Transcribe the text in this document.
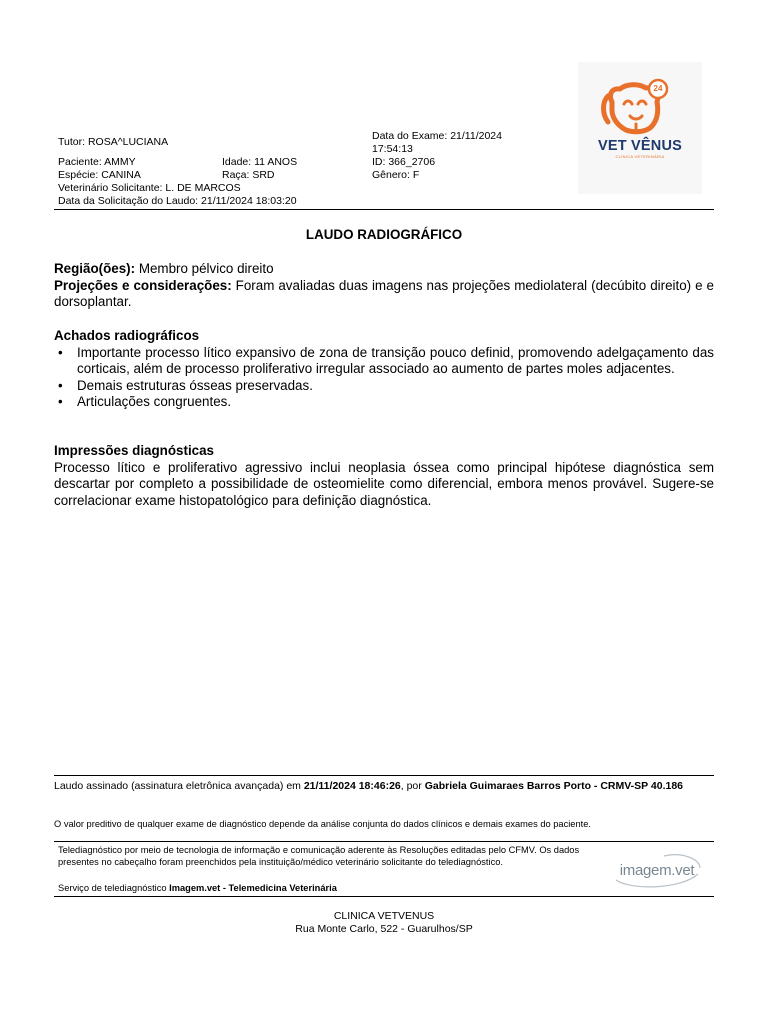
Tutor: ROSA^LUCIANA
Paciente: AMMY	Idade: 11 ANOS
Espécie: CANINA	Raça: SRD
Veterinário Solicitante: L. DE MARCOS
Data da Solicitação do Laudo: 21/11/2024 18:03:20
Data do Exame: 21/11/2024
17:54:13
ID: 366_2706
Gênero: F
24
VET VÊNUS
CLÍNICA VETERINÁRIA
LAUDO RADIOGRÁFICO
Região(ões): Membro pélvico direito
Projeções e considerações: Foram avaliadas duas imagens nas projeções mediolateral (decúbito direito) e e dorsoplantar.
Achados radiográficos
• Importante processo lítico expansivo de zona de transição pouco definid, promovendo adelgaçamento das corticais, além de processo proliferativo irregular associado ao aumento de partes moles adjacentes.
• Demais estruturas ósseas preservadas.
• Articulações congruentes.
Impressões diagnósticas
Processo lítico e proliferativo agressivo inclui neoplasia óssea como principal hipótese diagnóstica sem descartar por completo a possibilidade de osteomielite como diferencial, embora menos provável. Sugere-se correlacionar exame histopatológico para definição diagnóstica.
Laudo assinado (assinatura eletrônica avançada) em 21/11/2024 18:46:26, por Gabriela Guimaraes Barros Porto - CRMV-SP 40.186
O valor preditivo de qualquer exame de diagnóstico depende da análise conjunta do dados clínicos e demais exames do paciente.
Telediagnóstico por meio de tecnologia de informação e comunicação aderente às Resoluções editadas pelo CFMV. Os dados presentes no cabeçalho foram preenchidos pela instituição/médico veterinário solicitante do telediagnóstico.
Serviço de telediagnóstico Imagem.vet - Telemedicina Veterinária
imagem.vet
CLINICA VETVENUS
Rua Monte Carlo, 522 - Guarulhos/SP
